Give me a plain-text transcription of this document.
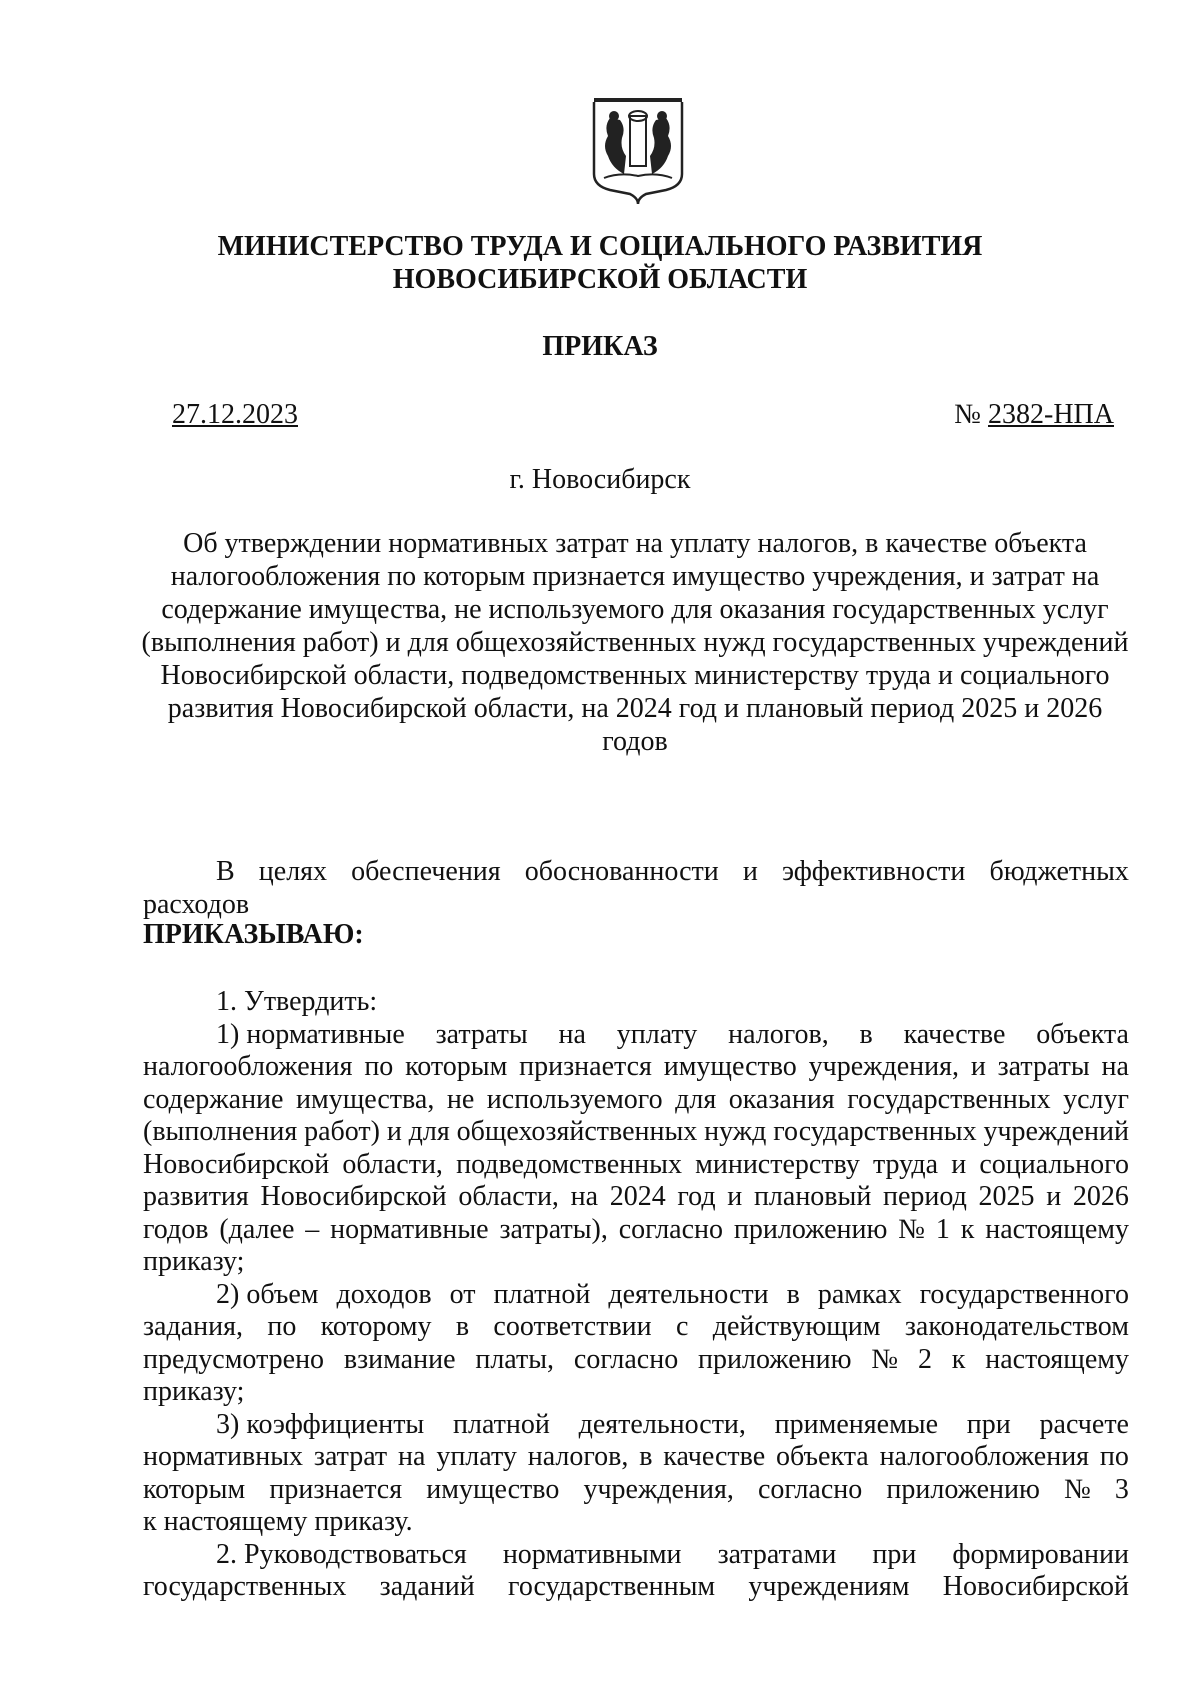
МИНИСТЕРСТВО ТРУДА И СОЦИАЛЬНОГО РАЗВИТИЯ
НОВОСИБИРСКОЙ ОБЛАСТИ
ПРИКАЗ
27.12.2023	№ 2382-НПА
г. Новосибирск
Об утверждении нормативных затрат на уплату налогов, в качестве объекта
налогообложения по которым признается имущество учреждения, и затрат на
содержание имущества, не используемого для оказания государственных услуг
(выполнения работ) и для общехозяйственных нужд государственных учреждений
Новосибирской области, подведомственных министерству труда и социального
развития Новосибирской области, на 2024 год и плановый период 2025 и 2026
годов
В целях обеспечения обоснованности и эффективности бюджетных
расходов
ПРИКАЗЫВАЮ:
1. Утвердить:
1) нормативные затраты на уплату налогов, в качестве объекта
налогообложения по которым признается имущество учреждения, и затраты на
содержание имущества, не используемого для оказания государственных услуг
(выполнения работ) и для общехозяйственных нужд государственных учреждений
Новосибирской области, подведомственных министерству труда и социального
развития Новосибирской области, на 2024 год и плановый период 2025 и 2026
годов (далее – нормативные затраты), согласно приложению № 1 к настоящему
приказу;
2) объем доходов от платной деятельности в рамках государственного
задания, по которому в соответствии с действующим законодательством
предусмотрено взимание платы, согласно приложению № 2 к настоящему
приказу;
3) коэффициенты платной деятельности, применяемые при расчете
нормативных затрат на уплату налогов, в качестве объекта налогообложения по
которым признается имущество учреждения, согласно приложению № 3
к настоящему приказу.
2. Руководствоваться нормативными затратами при формировании
государственных заданий государственным учреждениям Новосибирской
